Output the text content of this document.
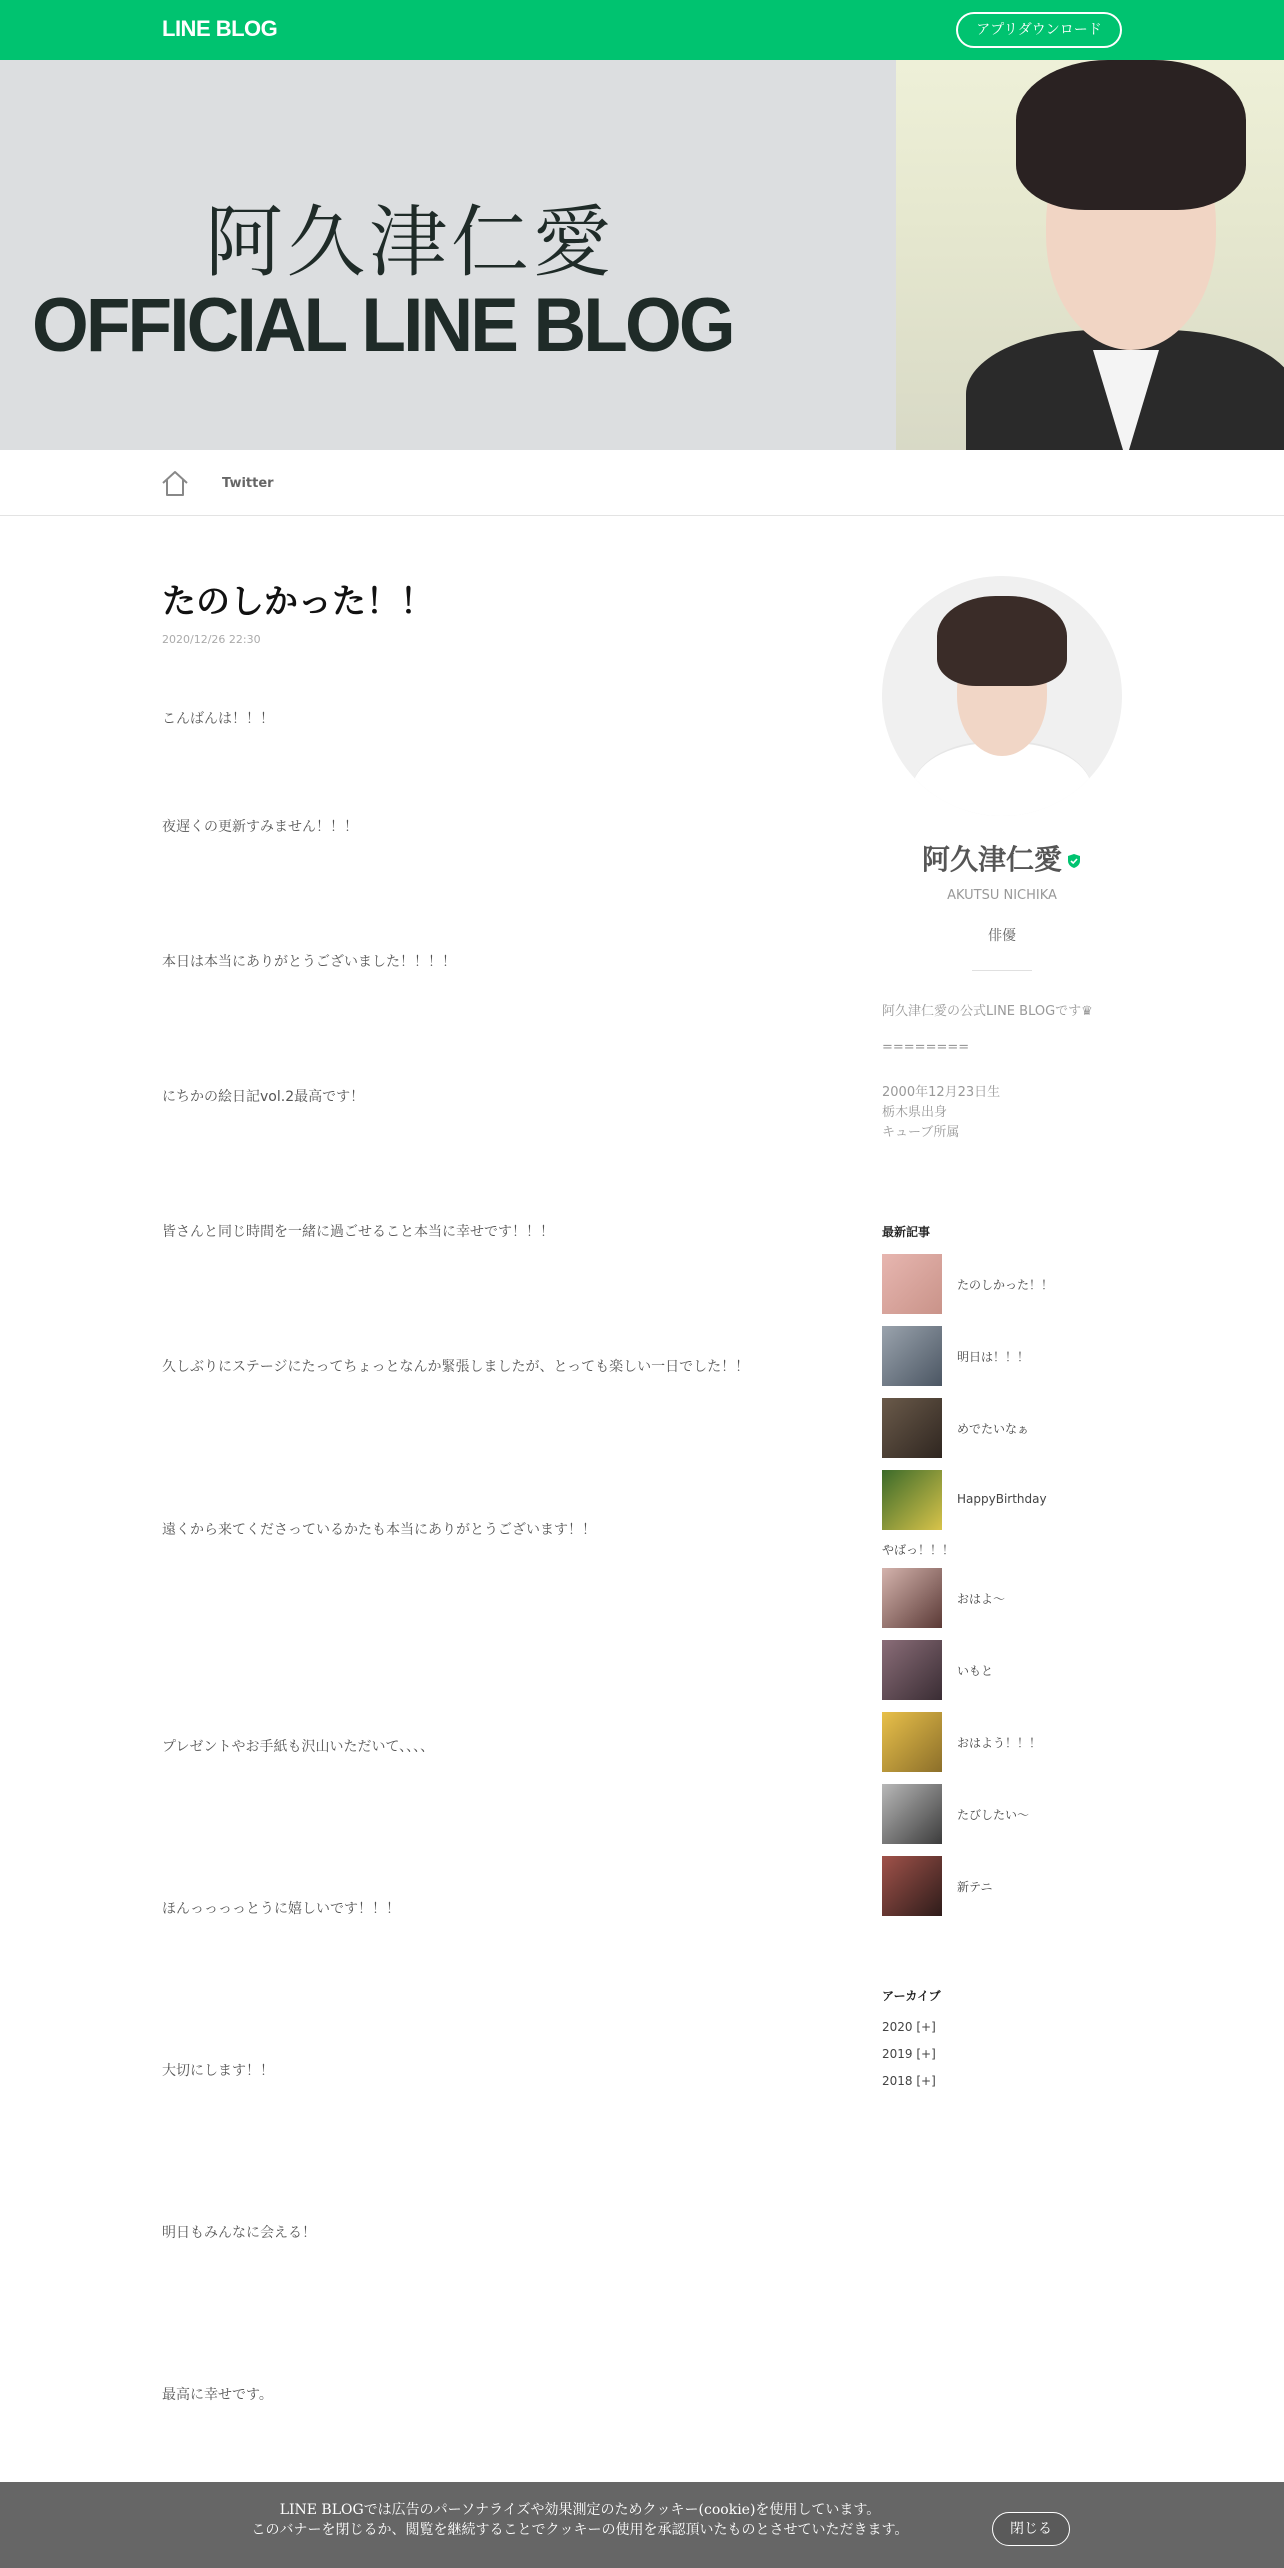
LINE BLOG	アプリダウンロード
阿久津仁愛
OFFICIAL LINE BLOG
Twitter
たのしかった！！
2020/12/26 22:30
こんばんは！！！
夜遅くの更新すみません！！！
本日は本当にありがとうございました！！！！
にちかの絵日記vol.2最高です！
皆さんと同じ時間を一緒に過ごせること本当に幸せです！！！
久しぶりにステージにたってちょっとなんか緊張しましたが、とっても楽しい一日でした！！
遠くから来てくださっているかたも本当にありがとうございます！！
プレゼントやお手紙も沢山いただいて、、、、
ほんっっっっとうに嬉しいです！！！
大切にします！！
明日もみんなに会える！
最高に幸せです。
阿久津仁愛
AKUTSU NICHIKA
俳優
阿久津仁愛の公式LINE BLOGです♛
========
2000年12月23日生
栃木県出身
キューブ所属
最新記事
たのしかった！！
明日は！！！
めでたいなぁ
HappyBirthday
やばっ！！！
おはよ〜
いもと
おはよう！！！
たびしたい〜
新テニ
アーカイブ
2020 [+]
2019 [+]
2018 [+]
LINE BLOGでは広告のパーソナライズや効果測定のためクッキー(cookie)を使用しています。
このバナーを閉じるか、閲覧を継続することでクッキーの使用を承認頂いたものとさせていただきます。	閉じる
